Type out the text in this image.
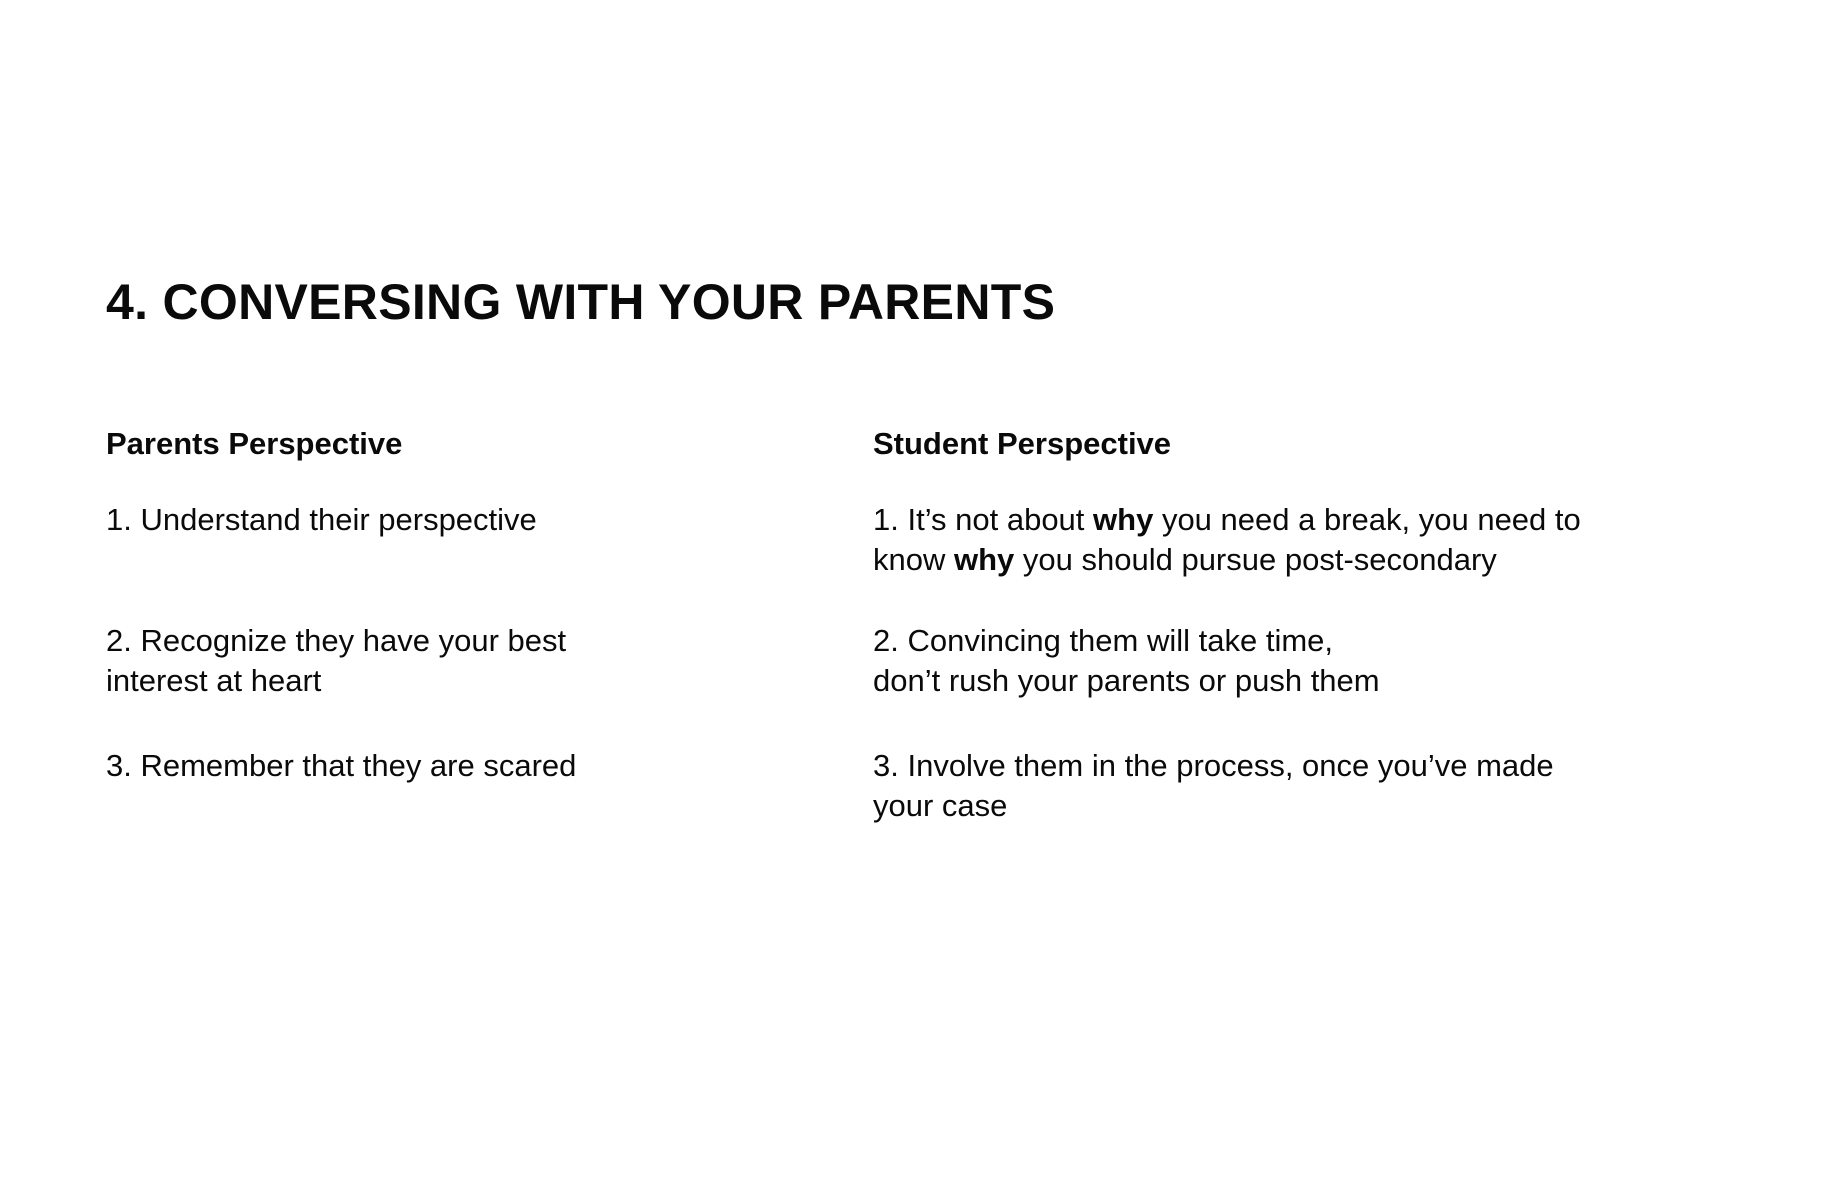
4. CONVERSING WITH YOUR PARENTS
Parents Perspective

1. Understand their perspective

2. Recognize they have your best
interest at heart

3. Remember that they are scared

Student Perspective

1. It’s not about why you need a break, you need to
know why you should pursue post-secondary

2. Convincing them will take time,
don’t rush your parents or push them

3. Involve them in the process, once you’ve made
your case
